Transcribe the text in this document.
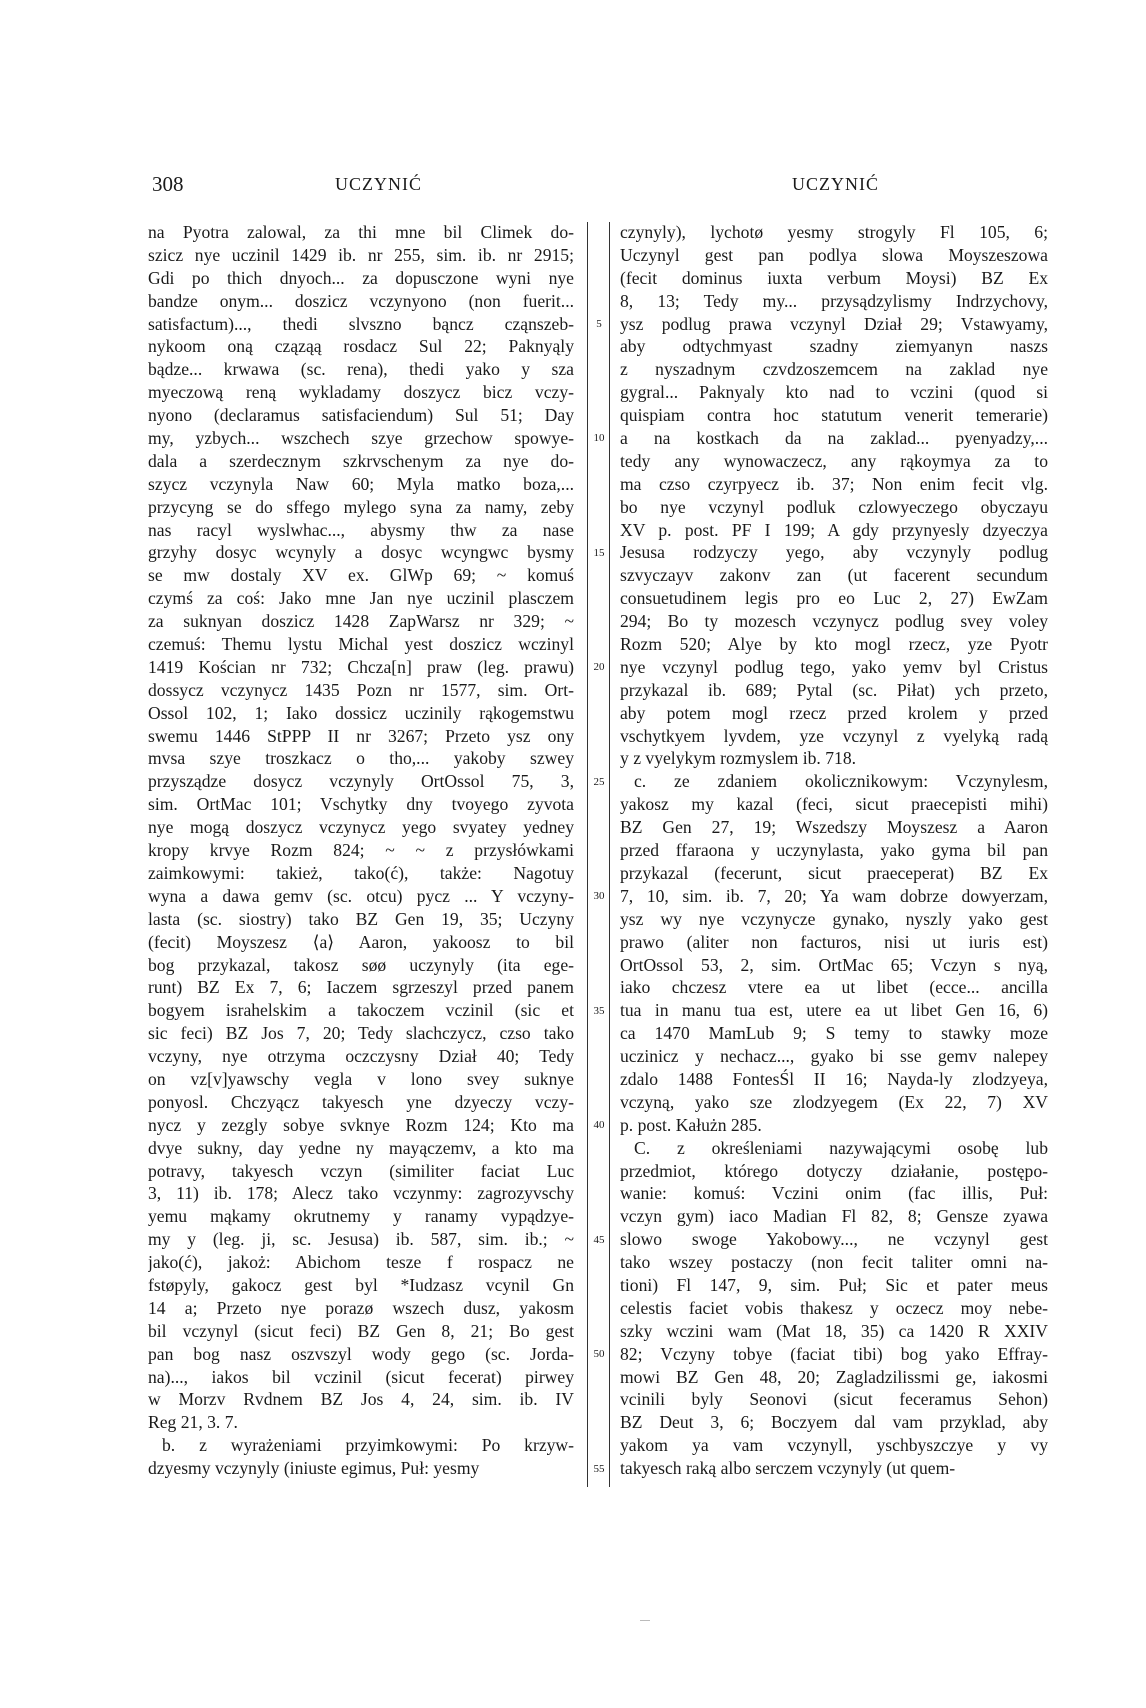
308	UCZYNIĆ	UCZYNIĆ
na Pyotra zalowal, za thi mne bil Climek do-
szicz nye uczinil 1429 ib. nr 255, sim. ib. nr 2915;
Gdi po thich dnyoch... za dopusczone wyni nye
bandze onym... doszicz vczynyono (non fuerit...
satisfactum)..., thedi slvszno bąncz cząnszeb-
nykoom oną cząząą rosdacz Sul 22; Paknyąly
bądze... krwawa (sc. rena), thedi yako y sza
myeczową reną wykladamy doszycz bicz vczy-
nyono (declaramus satisfaciendum) Sul 51; Day
my, yzbych... wszchech szye grzechow spowye-
dala a szerdecznym szkrvschenym za nye do-
szycz vczynyla Naw 60; Myla matko boza,...
przycyng se do sffego mylego syna za namy, zeby
nas racyl wyslwhac..., abysmy thw za nase
grzyhy dosyc wcynyly a dosyc wcyngwc bysmy
se mw dostaly XV ex. GlWp 69; ~ komuś
czymś za coś: Jako mne Jan nye uczinil plasczem
za suknyan doszicz 1428 ZapWarsz nr 329; ~
czemuś: Themu lystu Michal yest doszicz wczinyl
1419 Kościan nr 732; Chcza[n] praw (leg. prawu)
dossycz vczynycz 1435 Pozn nr 1577, sim. Ort-
Ossol 102, 1; Iako dossicz uczinily rąkogemstwu
swemu 1446 StPPP II nr 3267; Przeto ysz ony
mvsa szye troszkacz o tho,... yakoby szwey
przysządze dosycz vczynyly OrtOssol 75, 3,
sim. OrtMac 101; Vschytky dny tvoyego zyvota
nye mogą doszycz vczynycz yego svyatey yedney
kropy krvye Rozm 824; ~ ~ z przysłówkami
zaimkowymi: takież, tako(ć), także: Nagotuy
wyna a dawa gemv (sc. otcu) pycz ... Y vczyny-
lasta (sc. siostry) tako BZ Gen 19, 35; Uczyny
(fecit) Moyszesz ⟨a⟩ Aaron, yakoosz to bil
bog przykazal, takosz søø uczynyly (ita ege-
runt) BZ Ex 7, 6; Iaczem sgrzeszyl przed panem
bogyem israhelskim a takoczem vczinil (sic et
sic feci) BZ Jos 7, 20; Tedy slachczycz, czso tako
vczyny, nye otrzyma oczczysny Dział 40; Tedy
on vz[v]yawschy vegla v lono svey suknye
ponyosl. Chczyącz takyesch yne dzyeczy vczy-
nycz y zezgly sobye svknye Rozm 124; Kto ma
dvye sukny, day yedne ny mayączemv, a kto ma
potravy, takyesch vczyn (similiter faciat Luc
3, 11) ib. 178; Alecz tako vczynmy: zagrozyvschy
yemu mąkamy okrutnemy y ranamy vypądzye-
my y (leg. ji, sc. Jesusa) ib. 587, sim. ib.; ~
jako(ć), jakoż: Abichom tesze f rospacz ne
fstøpyly, gakocz gest byl *Iudzasz vcynil Gn
14 a; Przeto nye porazø wszech dusz, yakosm
bil vczynyl (sicut feci) BZ Gen 8, 21; Bo gest
pan bog nasz oszvszyl wody gego (sc. Jorda-
na)..., iakos bil vczinil (sicut fecerat) pirwey
w Morzv Rvdnem BZ Jos 4, 24, sim. ib. IV
Reg 21, 3. 7.
b. z wyrażeniami przyimkowymi: Po krzyw-
dzyesmy vczynyly (iniuste egimus, Puł: yesmy
5
10
15
20
25
30
35
40
45
50
55
czynyly), lychotø yesmy strogyly Fl 105, 6;
Uczynyl gest pan podlya slowa Moyszeszowa
(fecit dominus iuxta verbum Moysi) BZ Ex
8, 13; Tedy my... przysądzylismy Indrzychovy,
ysz podlug prawa vczynyl Dział 29; Vstawyamy,
aby odtychmyast szadny ziemyanyn naszs
z nyszadnym czvdzoszemcem na zaklad nye
gygral... Paknyaly kto nad to vczini (quod si
quispiam contra hoc statutum venerit temerarie)
a na kostkach da na zaklad... pyenyadzy,...
tedy any wynowaczecz, any rąkoymya za to
ma czso czyrpyecz ib. 37; Non enim fecit vlg.
bo nye vczynyl podluk czlowyeczego obyczayu
XV p. post. PF I 199; A gdy przynyesly dzyeczya
Jesusa rodzyczy yego, aby vczynyly podlug
szvyczayv zakonv zan (ut facerent secundum
consuetudinem legis pro eo Luc 2, 27) EwZam
294; Bo ty mozesch vczynycz podlug svey voley
Rozm 520; Alye by kto mogl rzecz, yze Pyotr
nye vczynyl podlug tego, yako yemv byl Cristus
przykazal ib. 689; Pytal (sc. Piłat) ych przeto,
aby potem mogl rzecz przed krolem y przed
vschytkyem lyvdem, yze vczynyl z vyelyką radą
y z vyelykym rozmyslem ib. 718.
c. ze zdaniem okolicznikowym: Vczynylesm,
yakosz my kazal (feci, sicut praecepisti mihi)
BZ Gen 27, 19; Wszedszy Moyszesz a Aaron
przed ffaraona y uczynylasta, yako gyma bil pan
przykazal (fecerunt, sicut praeceperat) BZ Ex
7, 10, sim. ib. 7, 20; Ya wam dobrze dowyerzam,
ysz wy nye vczynycze gynako, nyszly yako gest
prawo (aliter non facturos, nisi ut iuris est)
OrtOssol 53, 2, sim. OrtMac 65; Vczyn s nyą,
iako chczesz vtere ea ut libet (ecce... ancilla
tua in manu tua est, utere ea ut libet Gen 16, 6)
ca 1470 MamLub 9; S temy to stawky moze
uczinicz y nechacz..., gyako bi sse gemv nalepey
zdalo 1488 FontesŚl II 16; Nayda-ly zlodzyeya,
vczyną, yako sze zlodzyegem (Ex 22, 7) XV
p. post. Kałużn 285.
C. z określeniami nazywającymi osobę lub
przedmiot, którego dotyczy działanie, postępo-
wanie: komuś: Vczini onim (fac illis, Puł:
vczyn gym) iaco Madian Fl 82, 8; Gensze zyawa
slowo swoge Yakobowy..., ne vczynyl gest
tako wszey postaczy (non fecit taliter omni na-
tioni) Fl 147, 9, sim. Puł; Sic et pater meus
celestis faciet vobis thakesz y oczecz moy nebe-
szky wczini wam (Mat 18, 35) ca 1420 R XXIV
82; Vczyny tobye (faciat tibi) bog yako Effray-
mowi BZ Gen 48, 20; Zagladzilissmi ge, iakosmi
vcinili byly Seonovi (sicut feceramus Sehon)
BZ Deut 3, 6; Boczyem dal vam przyklad, aby
yakom ya vam vczynyll, yschbyszczye y vy
takyesch raką albo serczem vczynyly (ut quem-
